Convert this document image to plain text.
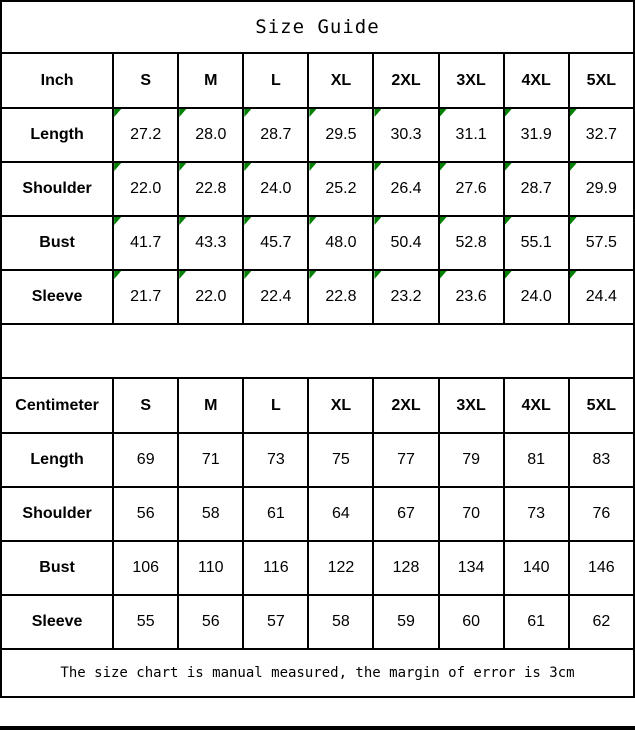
Size Guide								
Inch	S	M	L	XL	2XL	3XL	4XL	5XL
Length	27.2	28.0	28.7	29.5	30.3	31.1	31.9	32.7
Shoulder	22.0	22.8	24.0	25.2	26.4	27.6	28.7	29.9
Bust	41.7	43.3	45.7	48.0	50.4	52.8	55.1	57.5
Sleeve	21.7	22.0	22.4	22.8	23.2	23.6	24.0	24.4

Centimeter	S	M	L	XL	2XL	3XL	4XL	5XL
Length	69	71	73	75	77	79	81	83
Shoulder	56	58	61	64	67	70	73	76
Bust	106	110	116	122	128	134	140	146
Sleeve	55	56	57	58	59	60	61	62
The size chart is manual measured, the margin of error is 3cm								
